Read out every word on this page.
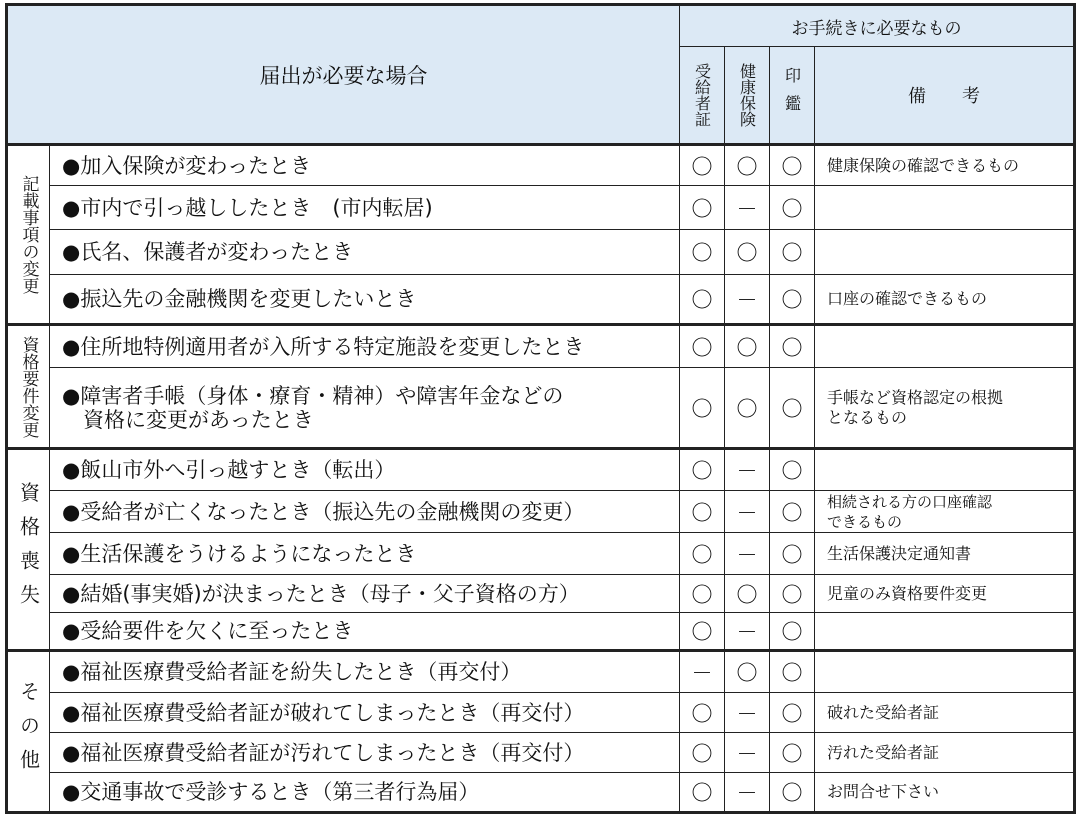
届出が必要な場合		お手続きに必要なもの			

		受給者証	健康保険	印鑑	備　　考

記載事項の変更	●加入保険が変わったとき	〇	〇	〇	健康保険の確認できるもの
	●市内で引っ越ししたとき　(市内転居)	〇	－	〇	
	●氏名、保護者が変わったとき	〇	〇	〇	
	●振込先の金融機関を変更したいとき	〇	－	〇	口座の確認できるもの

資格要件変更	●住所地特例適用者が入所する特定施設を変更したとき	〇	〇	〇	
	●障害者手帳（身体・療育・精神）や障害年金などの
　資格に変更があったとき	〇	〇	〇	手帳など資格認定の根拠
となるもの

資格喪失	●飯山市外へ引っ越すとき（転出）	〇	－	〇	
	●受給者が亡くなったとき（振込先の金融機関の変更）	〇	－	〇	相続される方の口座確認
できるもの
	●生活保護をうけるようになったとき	〇	－	〇	生活保護決定通知書
	●結婚(事実婚)が決まったとき（母子・父子資格の方）	〇	〇	〇	児童のみ資格要件変更
	●受給要件を欠くに至ったとき	〇	－	〇	

その他	●福祉医療費受給者証を紛失したとき（再交付）	－	〇	〇	
	●福祉医療費受給者証が破れてしまったとき（再交付）	〇	－	〇	破れた受給者証
	●福祉医療費受給者証が汚れてしまったとき（再交付）	〇	－	〇	汚れた受給者証
	●交通事故で受診するとき（第三者行為届）	〇	－	〇	お問合せ下さい
